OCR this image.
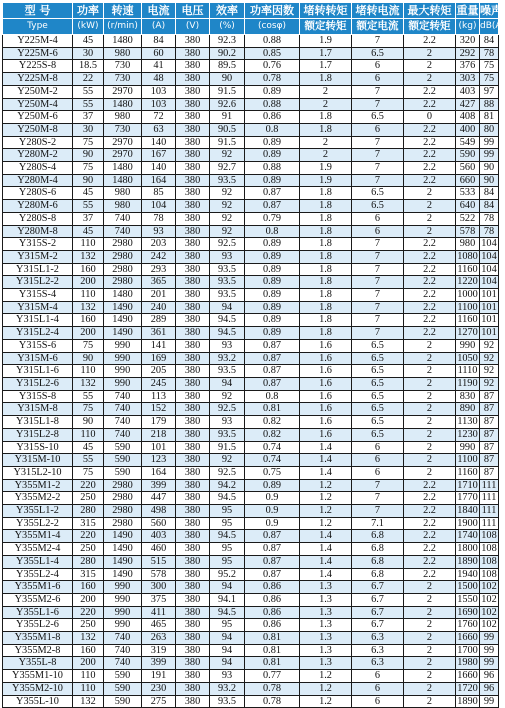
型 号	功率	转速	电流	电压	效率	功率因数	堵转转矩	堵转电流	最大转矩	重量	噪声
Type	(kW)	(r/min)	(A)	(V)	(%)	(cosφ)	额定转矩	额定电流	额定转矩	(kg)	dB(A)
Y225M-4	45	1480	84	380	92.3	0.88	1.9	7	2.2	320	84
Y225M-6	30	980	60	380	90.2	0.85	1.7	6.5	2	292	78
Y225S-8	18.5	730	41	380	89.5	0.76	1.7	6	2	376	75
Y225M-8	22	730	48	380	90	0.78	1.8	6	2	303	75
Y250M-2	55	2970	103	380	91.5	0.89	2	7	2.2	403	97
Y250M-4	55	1480	103	380	92.6	0.88	2	7	2.2	427	88
Y250M-6	37	980	72	380	91	0.86	1.8	6.5	0	408	81
Y250M-8	30	730	63	380	90.5	0.8	1.8	6	2.2	400	80
Y280S-2	75	2970	140	380	91.5	0.89	2	7	2.2	549	99
Y280M-2	90	2970	167	380	92	0.89	2	7	2.2	590	99
Y280S-4	75	1480	140	380	92.7	0.88	1.9	7	2.2	560	90
Y280M-4	90	1480	164	380	93.5	0.89	1.9	7	2.2	660	90
Y280S-6	45	980	85	380	92	0.87	1.8	6.5	2	533	84
Y280M-6	55	980	104	380	92	0.87	1.8	6.5	2	640	84
Y280S-8	37	740	78	380	92	0.79	1.8	6	2	522	78
Y280M-8	45	740	93	380	92	0.8	1.8	6	2	578	78
Y315S-2	110	2980	203	380	92.5	0.89	1.8	7	2.2	980	104
Y315M-2	132	2980	242	380	93	0.89	1.8	7	2.2	1080	104
Y315L1-2	160	2980	293	380	93.5	0.89	1.8	7	2.2	1160	104
Y315L2-2	200	2980	365	380	93.5	0.89	1.8	7	2.2	1220	104
Y315S-4	110	1480	201	380	93.5	0.89	1.8	7	2.2	1000	101
Y315M-4	132	1490	240	380	94	0.89	1.8	7	2.2	1100	101
Y315L1-4	160	1490	289	380	94.5	0.89	1.8	7	2.2	1160	101
Y315L2-4	200	1490	361	380	94.5	0.89	1.8	7	2.2	1270	101
Y315S-6	75	990	141	380	93	0.87	1.6	6.5	2	990	92
Y315M-6	90	990	169	380	93.2	0.87	1.6	6.5	2	1050	92
Y315L1-6	110	990	205	380	93.5	0.87	1.6	6.5	2	1110	92
Y315L2-6	132	990	245	380	94	0.87	1.6	6.5	2	1190	92
Y315S-8	55	740	113	380	92	0.8	1.6	6.5	2	830	87
Y315M-8	75	740	152	380	92.5	0.81	1.6	6.5	2	890	87
Y315L1-8	90	740	179	380	93	0.82	1.6	6.5	2	1130	87
Y315L2-8	110	740	218	380	93.5	0.82	1.6	6.5	2	1230	87
Y315S-10	45	590	101	380	91.5	0.74	1.4	6	2	990	87
Y315M-10	55	590	123	380	92	0.74	1.4	6	2	1100	87
Y315L2-10	75	590	164	380	92.5	0.75	1.4	6	2	1160	87
Y355M1-2	220	2980	399	380	94.2	0.89	1.2	7	2.2	1710	111
Y355M2-2	250	2980	447	380	94.5	0.9	1.2	7	2.2	1770	111
Y355L1-2	280	2980	498	380	95	0.9	1.2	7	2.2	1840	111
Y355L2-2	315	2980	560	380	95	0.9	1.2	7.1	2.2	1900	111
Y355M1-4	220	1490	403	380	94.5	0.87	1.4	6.8	2.2	1740	108
Y355M2-4	250	1490	460	380	95	0.87	1.4	6.8	2.2	1800	108
Y355L1-4	280	1490	515	380	95	0.87	1.4	6.8	2.2	1890	108
Y355L2-4	315	1490	578	380	95.2	0.87	1.4	6.8	2.2	1940	108
Y355M1-6	160	990	300	380	94	0.86	1.3	6.7	2	1500	102
Y355M2-6	200	990	375	380	94.1	0.86	1.3	6.7	2	1550	102
Y355L1-6	220	990	411	380	94.5	0.86	1.3	6.7	2	1690	102
Y355L2-6	250	990	465	380	95	0.86	1.3	6.7	2	1760	102
Y355M1-8	132	740	263	380	94	0.81	1.3	6.3	2	1660	99
Y355M2-8	160	740	319	380	94	0.81	1.3	6.3	2	1700	99
Y355L-8	200	740	399	380	94	0.81	1.3	6.3	2	1980	99
Y355M1-10	110	590	191	380	93	0.77	1.2	6	2	1660	96
Y355M2-10	110	590	230	380	93.2	0.78	1.2	6	2	1720	96
Y355L-10	132	590	275	380	93.5	0.78	1.2	6	2	1890	99
